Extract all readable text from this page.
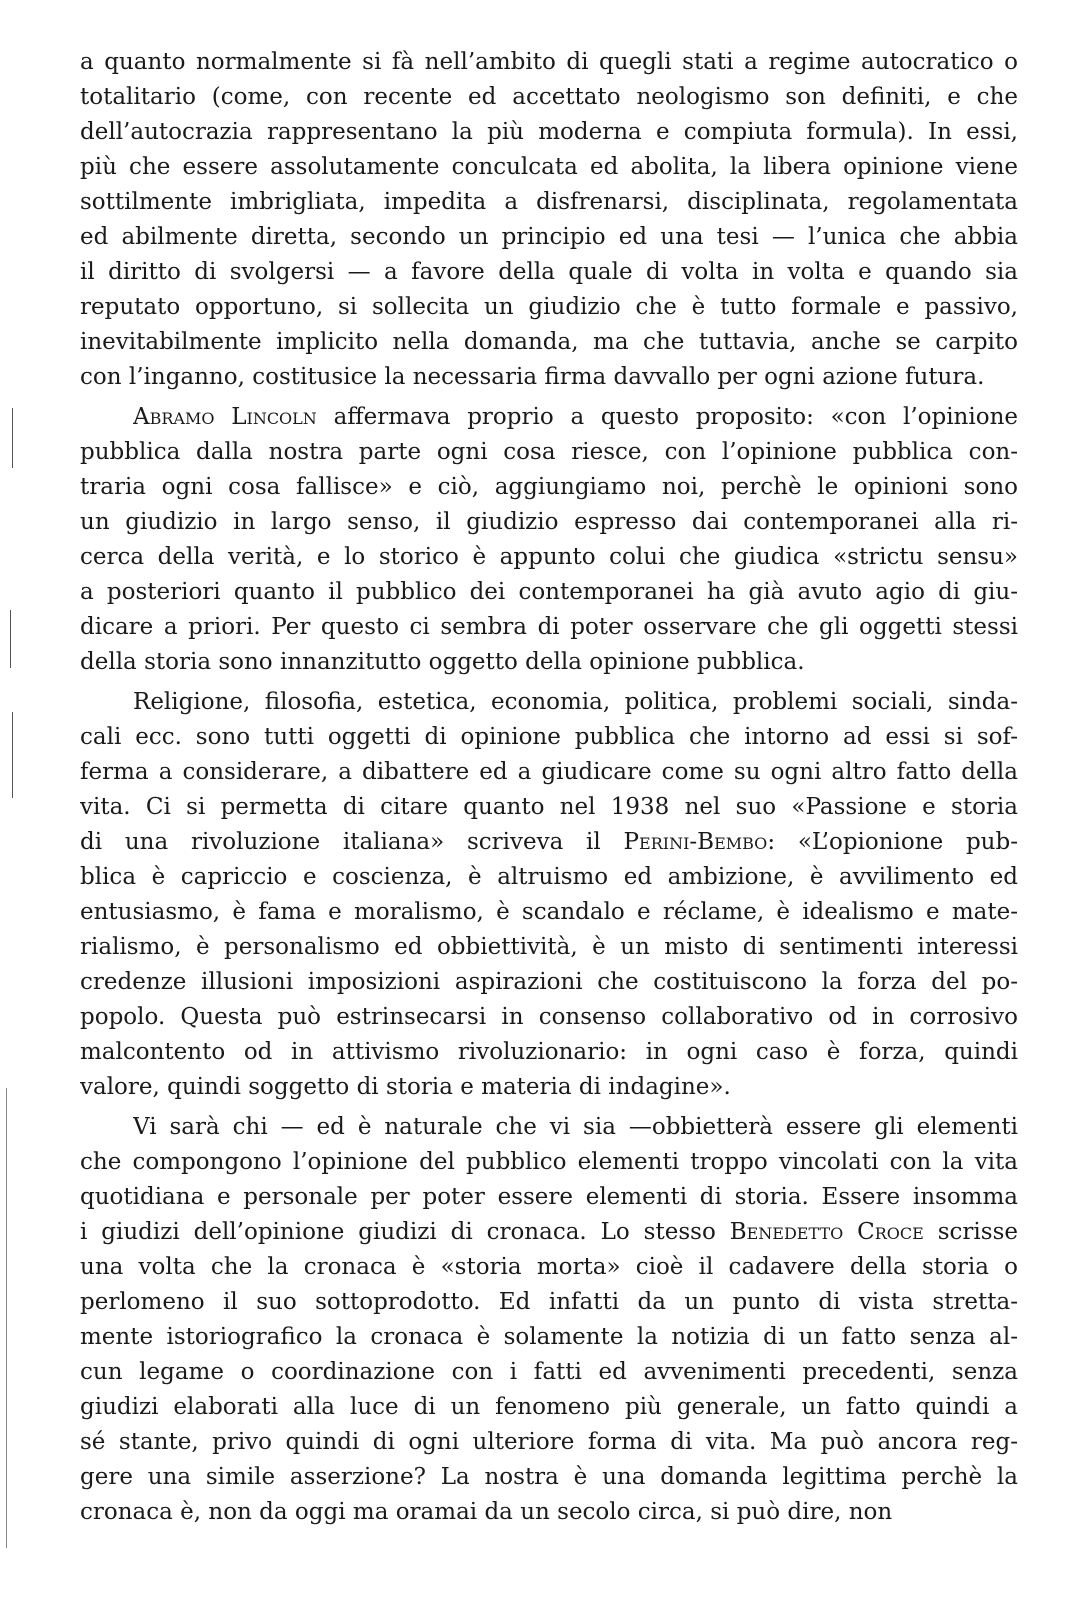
a quanto normalmente si fà nell’ambito di quegli stati a regime autocratico o
totalitario (come, con recente ed accettato neologismo son definiti, e che
dell’autocrazia rappresentano la più moderna e compiuta formula). In essi,
più che essere assolutamente conculcata ed abolita, la libera opinione viene
sottilmente imbrigliata, impedita a disfrenarsi, disciplinata, regolamentata
ed abilmente diretta, secondo un principio ed una tesi — l’unica che abbia
il diritto di svolgersi — a favore della quale di volta in volta e quando sia
reputato opportuno, si sollecita un giudizio che è tutto formale e passivo,
inevitabilmente implicito nella domanda, ma che tuttavia, anche se carpito
con l’inganno, costitusice la necessaria firma davvallo per ogni azione futura.
Abramo Lincoln affermava proprio a questo proposito: «con l’opinione
pubblica dalla nostra parte ogni cosa riesce, con l’opinione pubblica con-
traria ogni cosa fallisce» e ciò, aggiungiamo noi, perchè le opinioni sono
un giudizio in largo senso, il giudizio espresso dai contemporanei alla ri-
cerca della verità, e lo storico è appunto colui che giudica «strictu sensu»
a posteriori quanto il pubblico dei contemporanei ha già avuto agio di giu-
dicare a priori. Per questo ci sembra di poter osservare che gli oggetti stessi
della storia sono innanzitutto oggetto della opinione pubblica.
Religione, filosofia, estetica, economia, politica, problemi sociali, sinda-
cali ecc. sono tutti oggetti di opinione pubblica che intorno ad essi si sof-
ferma a considerare, a dibattere ed a giudicare come su ogni altro fatto della
vita. Ci si permetta di citare quanto nel 1938 nel suo «Passione e storia
di una rivoluzione italiana» scriveva il Perini-Bembo: «L’opionione pub-
blica è capriccio e coscienza, è altruismo ed ambizione, è avvilimento ed
entusiasmo, è fama e moralismo, è scandalo e réclame, è idealismo e mate-
rialismo, è personalismo ed obbiettività, è un misto di sentimenti interessi
credenze illusioni imposizioni aspirazioni che costituiscono la forza del po-
popolo. Questa può estrinsecarsi in consenso collaborativo od in corrosivo
malcontento od in attivismo rivoluzionario: in ogni caso è forza, quindi
valore, quindi soggetto di storia e materia di indagine».
Vi sarà chi — ed è naturale che vi sia —obbietterà essere gli elementi
che compongono l’opinione del pubblico elementi troppo vincolati con la vita
quotidiana e personale per poter essere elementi di storia. Essere insomma
i giudizi dell’opinione giudizi di cronaca. Lo stesso Benedetto Croce scrisse
una volta che la cronaca è «storia morta» cioè il cadavere della storia o
perlomeno il suo sottoprodotto. Ed infatti da un punto di vista stretta-
mente istoriografico la cronaca è solamente la notizia di un fatto senza al-
cun legame o coordinazione con i fatti ed avvenimenti precedenti, senza
giudizi elaborati alla luce di un fenomeno più generale, un fatto quindi a
sé stante, privo quindi di ogni ulteriore forma di vita. Ma può ancora reg-
gere una simile asserzione? La nostra è una domanda legittima perchè la
cronaca è, non da oggi ma oramai da un secolo circa, si può dire, non
